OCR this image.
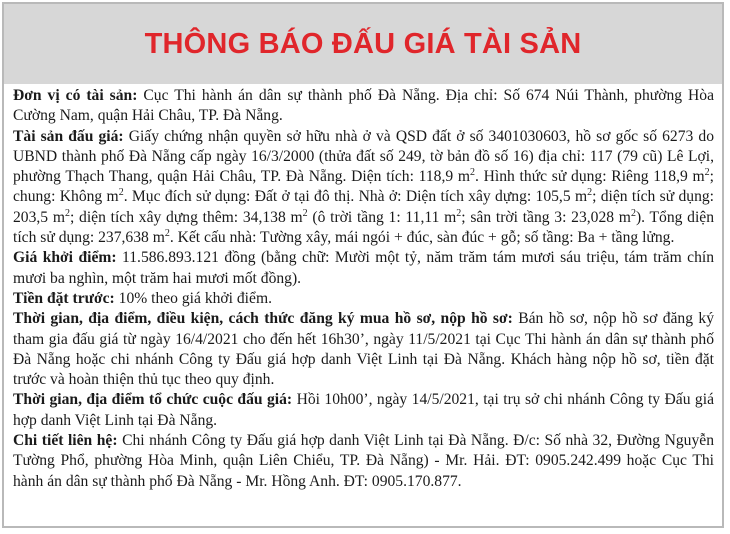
THÔNG BÁO ĐẤU GIÁ TÀI SẢN

Đơn vị có tài sản: Cục Thi hành án dân sự thành phố Đà Nẵng. Địa chỉ: Số 674 Núi Thành, phường Hòa Cường Nam, quận Hải Châu, TP. Đà Nẵng.

Tài sản đấu giá: Giấy chứng nhận quyền sở hữu nhà ở và QSD đất ở số 3401030603, hồ sơ gốc số 6273 do UBND thành phố Đà Nẵng cấp ngày 16/3/2000 (thửa đất số 249, tờ bản đồ số 16) địa chỉ: 117 (79 cũ) Lê Lợi, phường Thạch Thang, quận Hải Châu, TP. Đà Nẵng. Diện tích: 118,9 $m^2$. Hình thức sử dụng: Riêng 118,9 $m^2$; chung: Không $m^2$. Mục đích sử dụng: Đất ở tại đô thị. Nhà ở: Diện tích xây dựng: 105,5 $m^2$; diện tích sử dụng: 203,5 $m^2$; diện tích xây dựng thêm: 34,138 $m^2$ (ô trời tầng 1: 11,11 $m^2$; sân trời tầng 3: 23,028 $m^2$). Tổng diện tích sử dụng: 237,638 $m^2$. Kết cấu nhà: Tường xây, mái ngói + đúc, sàn đúc + gỗ; số tầng: Ba + tầng lửng.

Giá khởi điểm: 11.586.893.121 đồng (bằng chữ: Mười một tỷ, năm trăm tám mươi sáu triệu, tám trăm chín mươi ba nghìn, một trăm hai mươi mốt đồng).

Tiền đặt trước: 10% theo giá khởi điểm.

Thời gian, địa điểm, điều kiện, cách thức đăng ký mua hồ sơ, nộp hồ sơ: Bán hồ sơ, nộp hồ sơ đăng ký tham gia đấu giá từ ngày 16/4/2021 cho đến hết 16h30’, ngày 11/5/2021 tại Cục Thi hành án dân sự thành phố Đà Nẵng hoặc chi nhánh Công ty Đấu giá hợp danh Việt Linh tại Đà Nẵng. Khách hàng nộp hồ sơ, tiền đặt trước và hoàn thiện thủ tục theo quy định.

Thời gian, địa điểm tổ chức cuộc đấu giá: Hồi 10h00’, ngày 14/5/2021, tại trụ sở chi nhánh Công ty Đấu giá hợp danh Việt Linh tại Đà Nẵng.

Chi tiết liên hệ: Chi nhánh Công ty Đấu giá hợp danh Việt Linh tại Đà Nẵng. Đ/c: Số nhà 32, Đường Nguyễn Tường Phổ, phường Hòa Minh, quận Liên Chiểu, TP. Đà Nẵng) - Mr. Hải. ĐT: 0905.242.499 hoặc Cục Thi hành án dân sự thành phố Đà Nẵng - Mr. Hồng Anh. ĐT: 0905.170.877.
